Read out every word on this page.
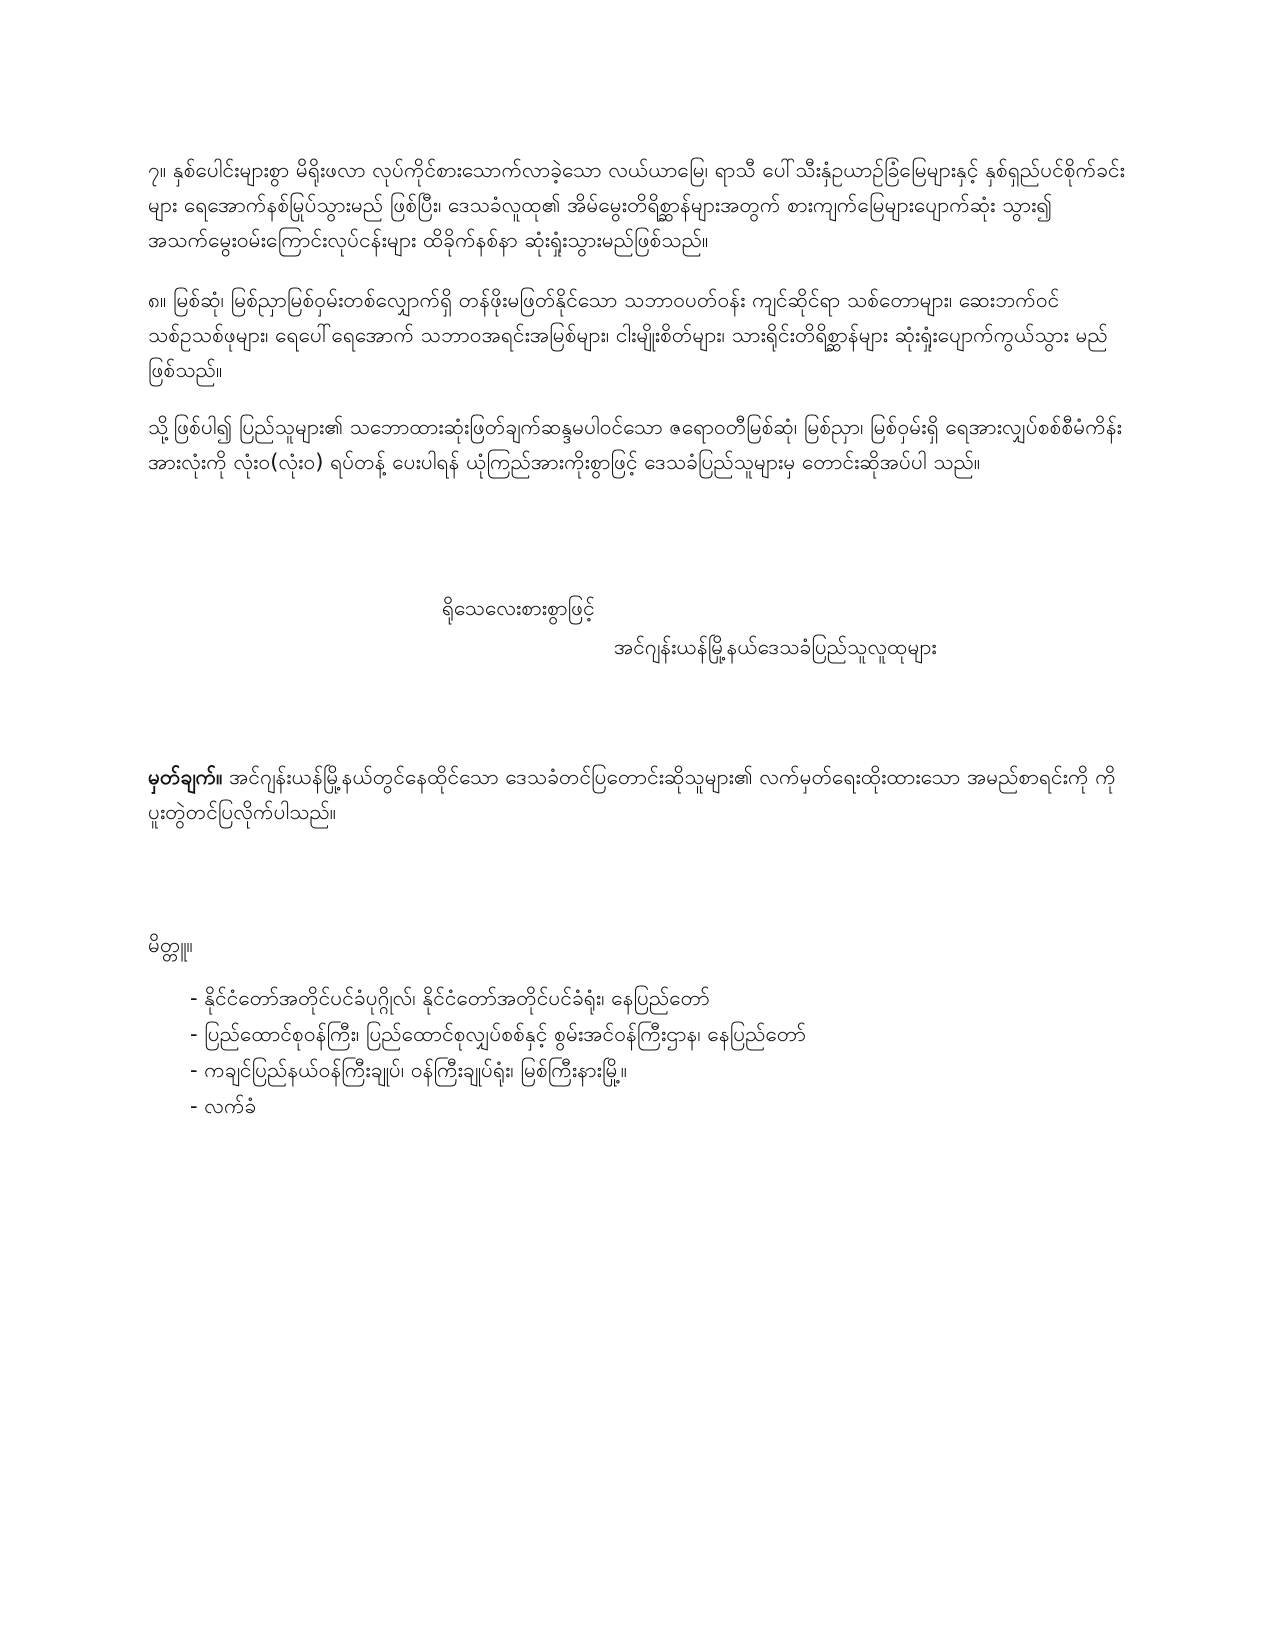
၇။ နှစ်ပေါင်းများစွာ မိရိုးဖလာ လုပ်ကိုင်စားသောက်လာခဲ့သော လယ်ယာမြေ၊ ရာသီ ပေါ်သီးနှံဥယာဉ်ခြံမြေများနှင့် နှစ်ရှည်ပင်စိုက်ခင်းများ ရေအောက်နစ်မြုပ်သွားမည် ဖြစ်ပြီး၊ ဒေသခံလူထု၏ အိမ်မွေးတိရိစ္ဆာန်များအတွက် စားကျက်မြေများပျောက်ဆုံး သွား၍ အသက်မွေးဝမ်းကြောင်းလုပ်ငန်းများ ထိခိုက်နစ်နာ ဆုံးရှုံးသွားမည်ဖြစ်သည်။

၈။ မြစ်ဆုံ၊ မြစ်ညှာမြစ်ဝှမ်းတစ်လျှောက်ရှိ တန်ဖိုးမဖြတ်နိုင်သော သဘာဝပတ်ဝန်း ကျင်ဆိုင်ရာ သစ်တောများ၊ ဆေးဘက်ဝင်သစ်ဥသစ်ဖုများ၊ ရေပေါ်ရေအောက် သဘာဝအရင်းအမြစ်များ၊ ငါးမျိုးစိတ်များ၊ သားရိုင်းတိရိစ္ဆာန်များ ဆုံးရှုံးပျောက်ကွယ်သွား မည်ဖြစ်သည်။

သို့ဖြစ်ပါ၍ ပြည်သူများ၏ သဘောထားဆုံးဖြတ်ချက်ဆန္ဒမပါဝင်သော ဇရောဝတီမြစ်ဆုံ၊ မြစ်ညှာ၊ မြစ်ဝှမ်းရှိ ရေအားလျှပ်စစ်စီမံကိန်း အားလုံးကို လုံးဝ(လုံးဝ) ရပ်တန့် ပေးပါရန် ယုံကြည်အားကိုးစွာဖြင့် ဒေသခံပြည်သူများမှ တောင်းဆိုအပ်ပါ သည်။

ရိုသေလေးစားစွာဖြင့်
အင်ဂျန်းယန်မြို့နယ်ဒေသခံပြည်သူလူထုများ

မှတ်ချက်။ အင်ဂျန်းယန်မြို့နယ်တွင်နေထိုင်သော ဒေသခံတင်ပြတောင်းဆိုသူများ၏ လက်မှတ်ရေးထိုးထားသော အမည်စာရင်းကို ကိုပူးတွဲတင်ပြလိုက်ပါသည်။

မိတ္တူ။
- နိုင်ငံတော်အတိုင်ပင်ခံပုဂ္ဂိုလ်၊ နိုင်ငံတော်အတိုင်ပင်ခံရုံး၊ နေပြည်တော်
- ပြည်ထောင်စုဝန်ကြီး၊ ပြည်ထောင်စုလျှပ်စစ်နှင့် စွမ်းအင်ဝန်ကြီးဌာန၊ နေပြည်တော်
- ကချင်ပြည်နယ်ဝန်ကြီးချုပ်၊ ဝန်ကြီးချုပ်ရုံး၊ မြစ်ကြီးနားမြို့။
- လက်ခံ
